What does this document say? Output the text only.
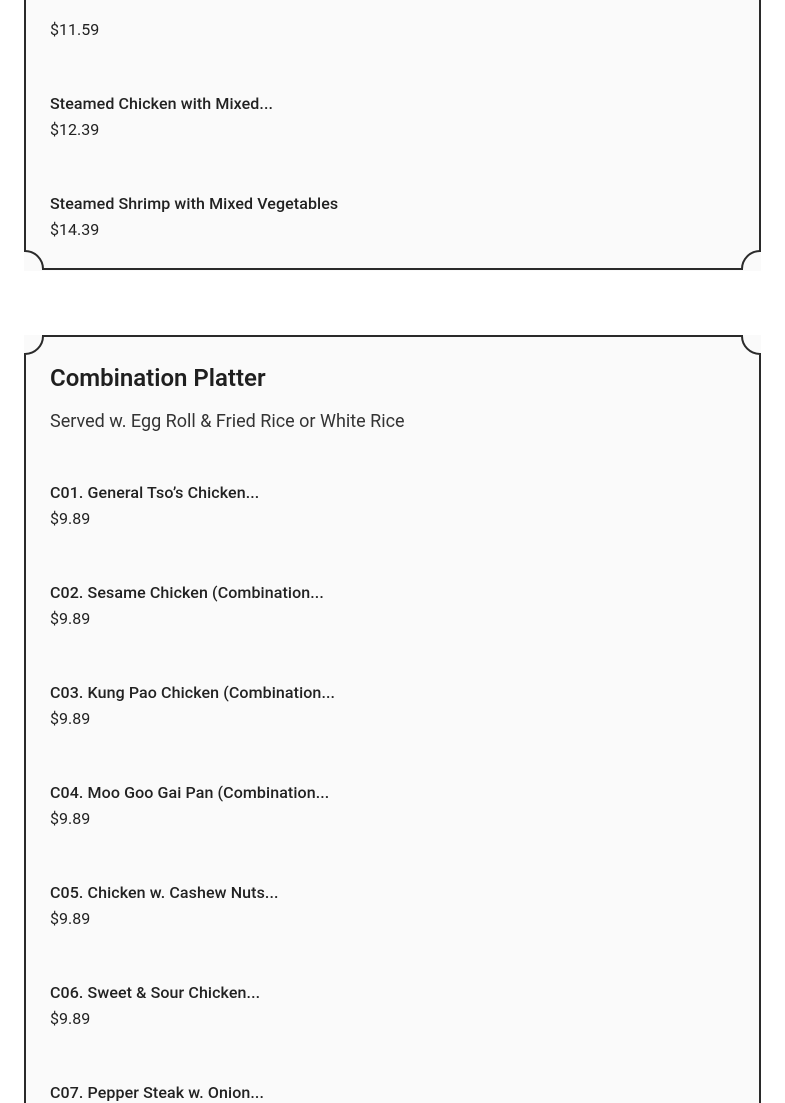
$11.59
Steamed Chicken with Mixed...
$12.39
Steamed Shrimp with Mixed Vegetables
$14.39
Combination Platter
Served w. Egg Roll & Fried Rice or White Rice
C01. General Tso’s Chicken...
$9.89
C02. Sesame Chicken (Combination...
$9.89
C03. Kung Pao Chicken (Combination...
$9.89
C04. Moo Goo Gai Pan (Combination...
$9.89
C05. Chicken w. Cashew Nuts...
$9.89
C06. Sweet & Sour Chicken...
$9.89
C07. Pepper Steak w. Onion...
